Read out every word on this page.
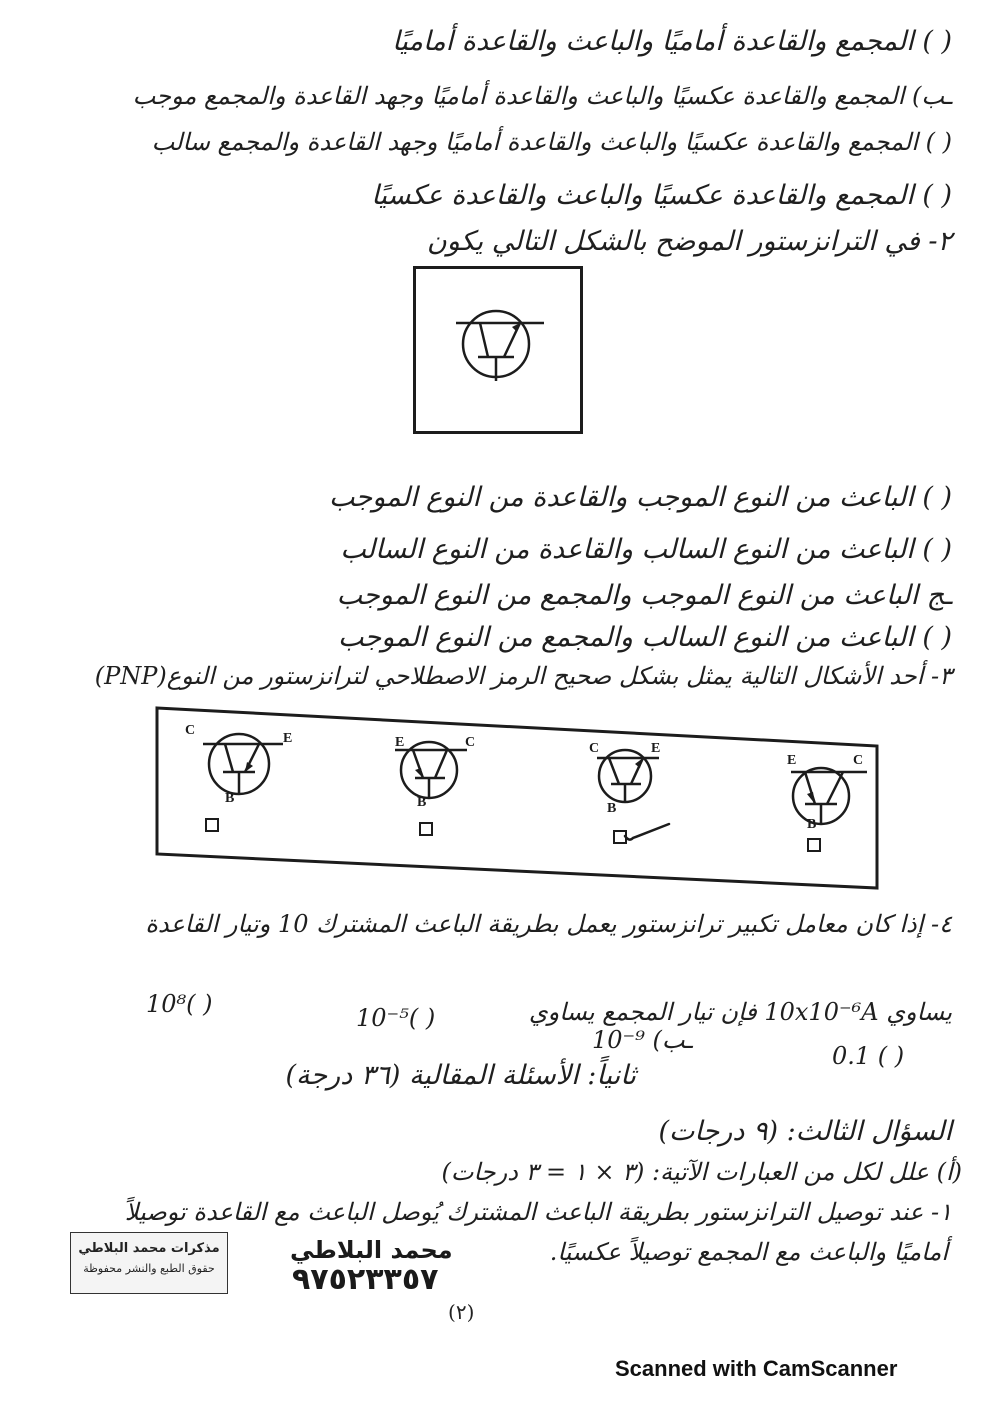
( ) المجمع والقاعدة أماميًا والباعث والقاعدة أماميًا
ـب) المجمع والقاعدة عكسيًا والباعث والقاعدة أماميًا وجهد القاعدة والمجمع موجب
( ) المجمع والقاعدة عكسيًا والباعث والقاعدة أماميًا وجهد القاعدة والمجمع سالب
( ) المجمع والقاعدة عكسيًا والباعث والقاعدة عكسيًا
٢- في الترانزستور الموضح بالشكل التالي يكون
( ) الباعث من النوع الموجب والقاعدة من النوع الموجب
( ) الباعث من النوع السالب والقاعدة من النوع السالب
ـج الباعث من النوع الموجب والمجمع من النوع الموجب
( ) الباعث من النوع السالب والمجمع من النوع الموجب
٣- أحد الأشكال التالية يمثل بشكل صحيح الرمز الاصطلاحي لترانزستور من النوع(PNP)
C
E
B
E	C
B
C	E
B
E	C
B
٤- إذا كان معامل تكبير ترانزستور يعمل بطريقة الباعث المشترك 10 وتيار القاعدة
يساوي 10x10⁻⁶A فإن تيار المجمع يساوي
10⁸( )	10⁻⁵( )
10⁻⁹ (ـب
0.1 ( )
ثانياً: الأسئلة المقالية (٣٦ درجة)
السؤال الثالث: (٩ درجات)
(أ) علل لكل من العبارات الآتية: (٣ × ١ = ٣ درجات)
١- عند توصيل الترانزستور بطريقة الباعث المشترك يُوصل الباعث مع القاعدة توصيلاً
أماميًا والباعث مع المجمع توصيلاً عكسيًا.
مذكرات محمد البلاطي
حقوق الطبع والنشر محفوظة
محمد البلاطي
٩٧٥٢٣٣٥٧
(٢)
Scanned with CamScanner
